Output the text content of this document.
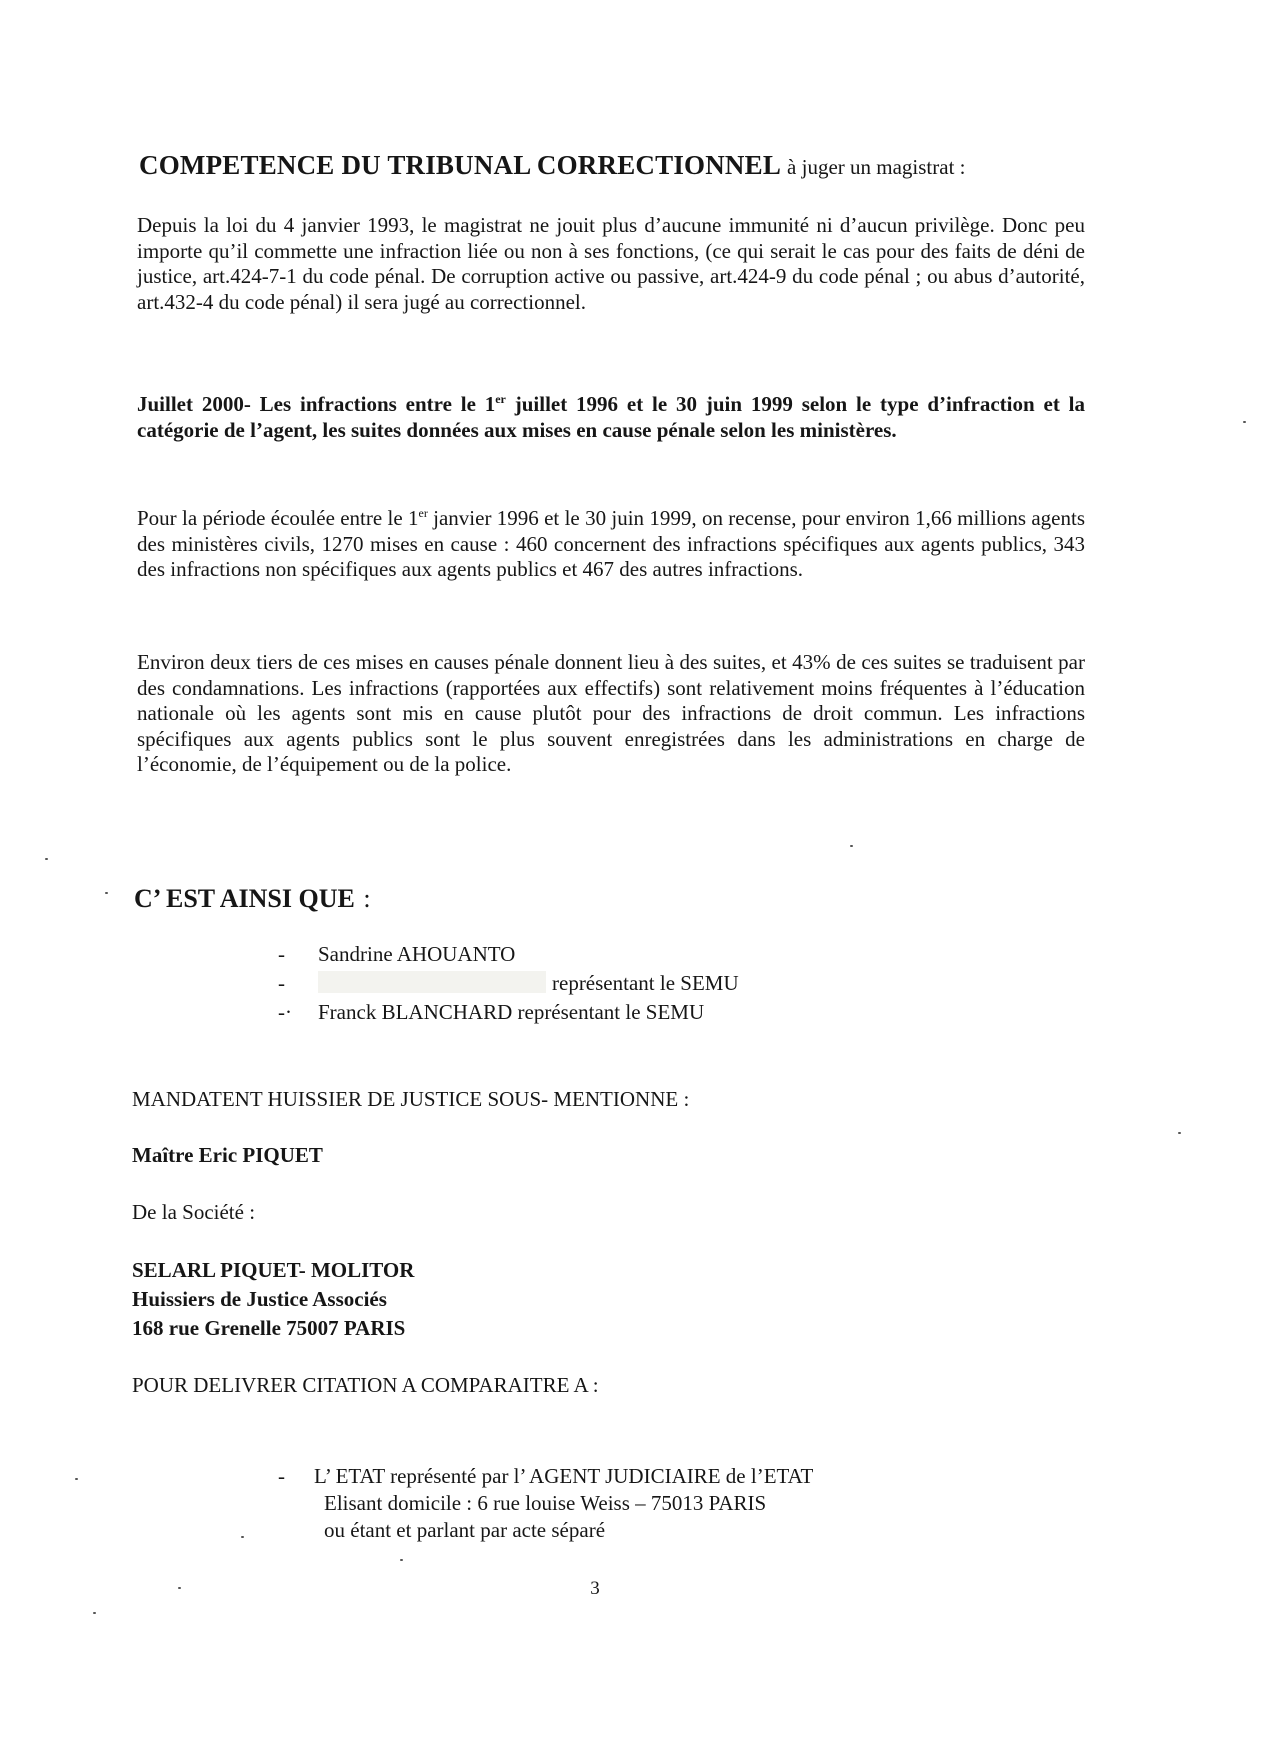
COMPETENCE DU TRIBUNAL CORRECTIONNEL à juger un magistrat :
Depuis la loi du 4 janvier 1993, le magistrat ne jouit plus d’aucune immunité ni d’aucun privilège. Donc peu importe qu’il commette une infraction liée ou non à ses fonctions, (ce qui serait le cas pour des faits de déni de justice, art.424-7-1 du code pénal. De corruption active ou passive, art.424-9 du code pénal ; ou abus d’autorité, art.432-4 du code pénal) il sera jugé au correctionnel.
Juillet 2000- Les infractions entre le 1er juillet 1996 et le 30 juin 1999 selon le type d’infraction et la catégorie de l’agent, les suites données aux mises en cause pénale selon les ministères.
Pour la période écoulée entre le 1er janvier 1996 et le 30 juin 1999, on recense, pour environ 1,66 millions agents des ministères civils, 1270 mises en cause : 460 concernent des infractions spécifiques aux agents publics, 343 des infractions non spécifiques aux agents publics et 467 des autres infractions.
Environ deux tiers de ces mises en causes pénale donnent lieu à des suites, et 43% de ces suites se traduisent par des condamnations. Les infractions (rapportées aux effectifs) sont relativement moins fréquentes à l’éducation nationale où les agents sont mis en cause plutôt pour des infractions de droit commun. Les infractions spécifiques aux agents publics sont le plus souvent enregistrées dans les administrations en charge de l’économie, de l’équipement ou de la police.
C’ EST AINSI QUE :
-	Sandrine AHOUANTO
-	représentant le SEMU
-·	Franck BLANCHARD représentant le SEMU
MANDATENT HUISSIER DE JUSTICE SOUS- MENTIONNE :
Maître Eric PIQUET
De la Société :
SELARL PIQUET- MOLITOR
Huissiers de Justice Associés
168 rue Grenelle 75007 PARIS
POUR DELIVRER CITATION A COMPARAITRE A :
-	L’ ETAT représenté par l’ AGENT JUDICIAIRE de l’ETAT
Elisant domicile : 6 rue louise Weiss – 75013 PARIS
ou étant et parlant par acte séparé
3
